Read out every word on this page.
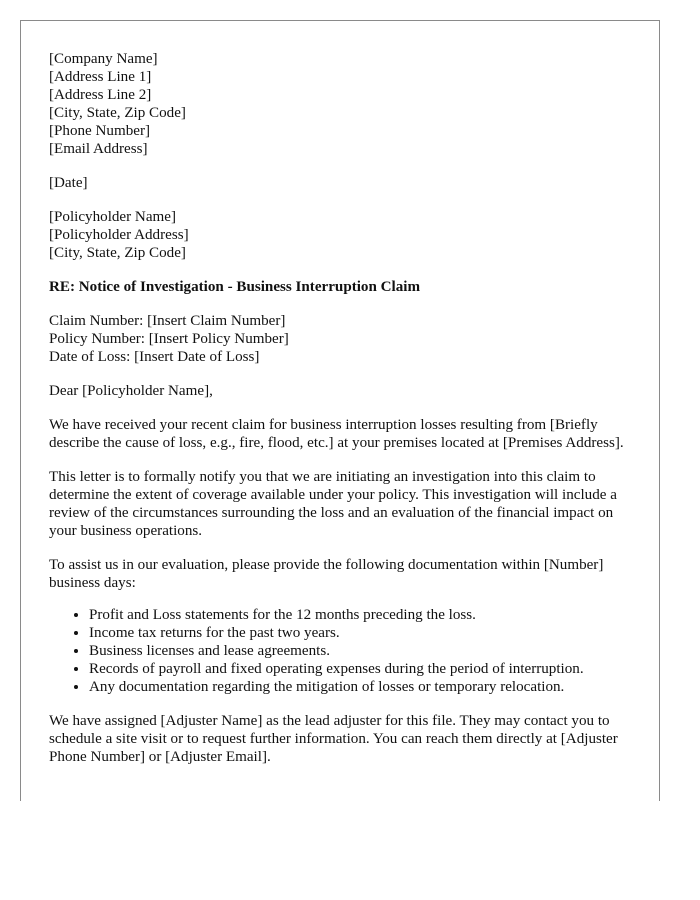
[Company Name]
[Address Line 1]
[Address Line 2]
[City, State, Zip Code]
[Phone Number]
[Email Address]
[Date]
[Policyholder Name]
[Policyholder Address]
[City, State, Zip Code]
RE: Notice of Investigation - Business Interruption Claim
Claim Number: [Insert Claim Number]
Policy Number: [Insert Policy Number]
Date of Loss: [Insert Date of Loss]

Dear [Policyholder Name],

We have received your recent claim for business interruption losses resulting from [Briefly describe the cause of loss, e.g., fire, flood, etc.] at your premises located at [Premises Address].

This letter is to formally notify you that we are initiating an investigation into this claim to determine the extent of coverage available under your policy. This investigation will include a review of the circumstances surrounding the loss and an evaluation of the financial impact on your business operations.

To assist us in our evaluation, please provide the following documentation within [Number] business days:

• Profit and Loss statements for the 12 months preceding the loss.
• Income tax returns for the past two years.
• Business licenses and lease agreements.
• Records of payroll and fixed operating expenses during the period of interruption.
• Any documentation regarding the mitigation of losses or temporary relocation.

We have assigned [Adjuster Name] as the lead adjuster for this file. They may contact you to schedule a site visit or to request further information. You can reach them directly at [Adjuster Phone Number] or [Adjuster Email].
